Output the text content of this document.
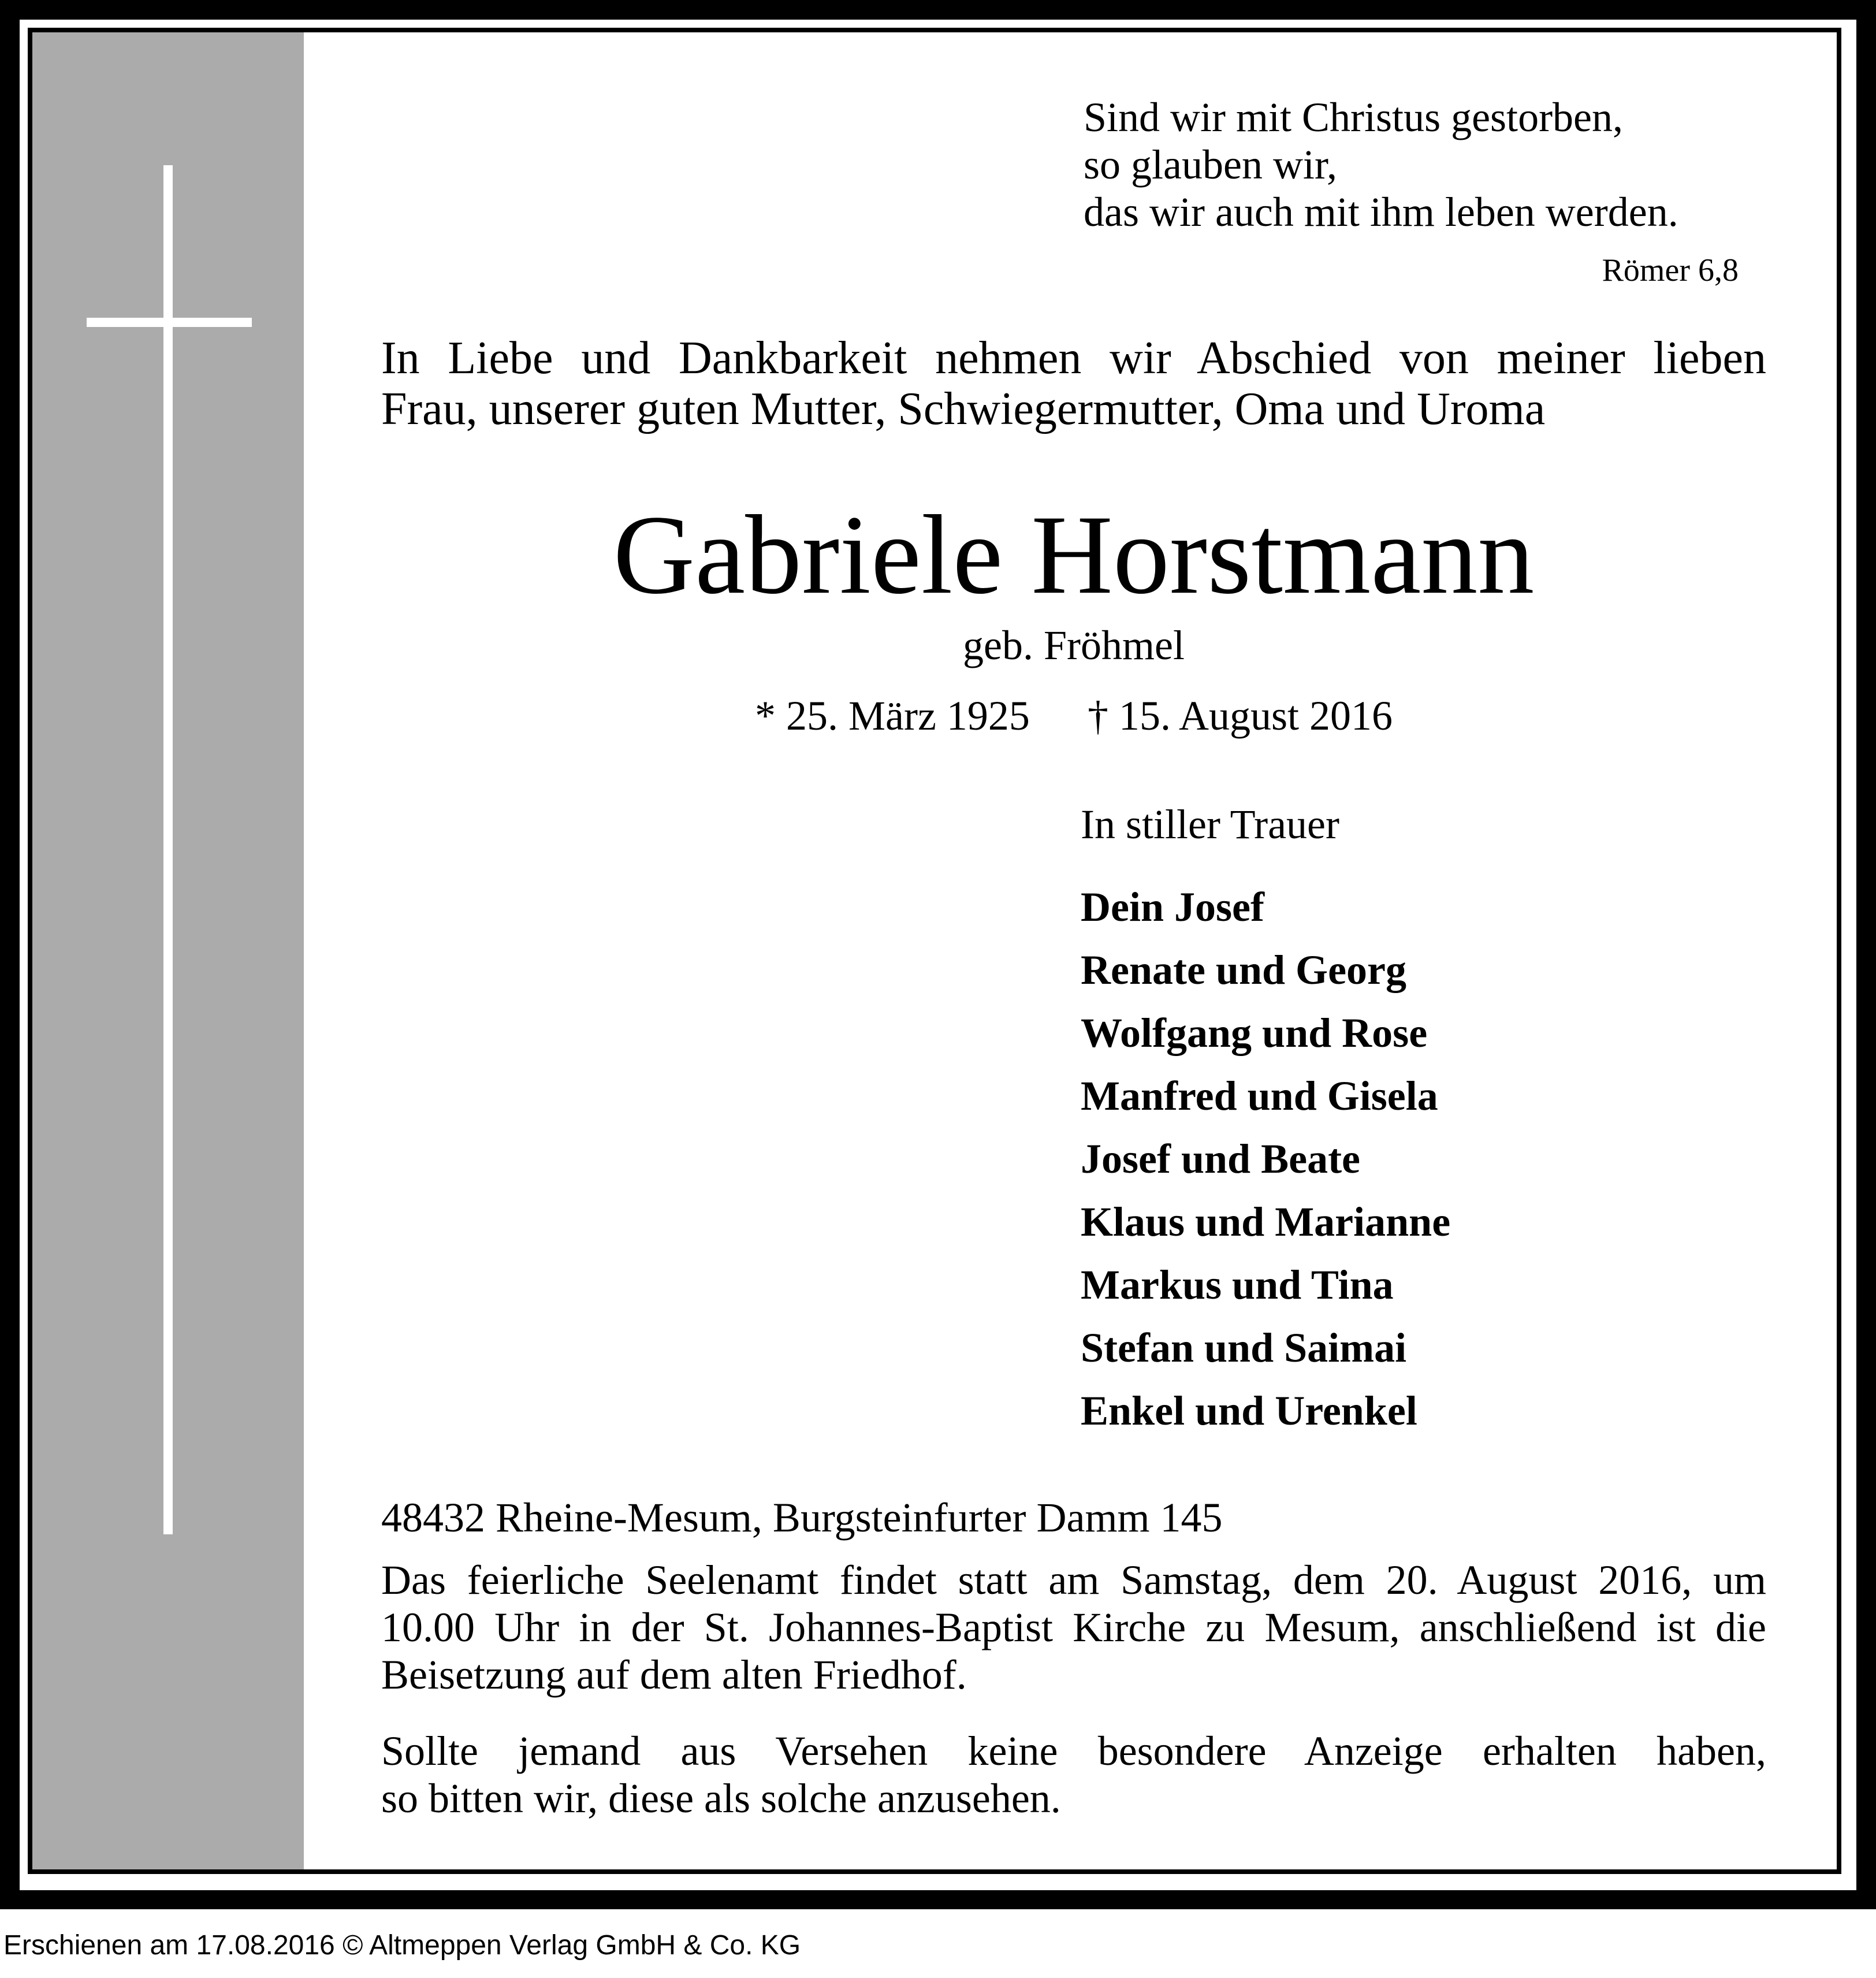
Sind wir mit Christus gestorben,
so glauben wir,
das wir auch mit ihm leben werden.
Römer 6,8
In Liebe und Dankbarkeit nehmen wir Abschied von meiner lieben
Frau, unserer guten Mutter, Schwiegermutter, Oma und Uroma
Gabriele Horstmann
geb. Fröhmel
* 25. März 1925 † 15. August 2016
In stiller Trauer
Dein Josef
Renate und Georg
Wolfgang und Rose
Manfred und Gisela
Josef und Beate
Klaus und Marianne
Markus und Tina
Stefan und Saimai
Enkel und Urenkel
48432 Rheine-Mesum, Burgsteinfurter Damm 145

Das feierliche Seelenamt findet statt am Samstag, dem 20. August 2016, um
10.00 Uhr in der St. Johannes-Baptist Kirche zu Mesum, anschließend ist die
Beisetzung auf dem alten Friedhof.

Sollte jemand aus Versehen keine besondere Anzeige erhalten haben,
so bitten wir, diese als solche anzusehen.

Erschienen am 17.08.2016 © Altmeppen Verlag GmbH & Co. KG
